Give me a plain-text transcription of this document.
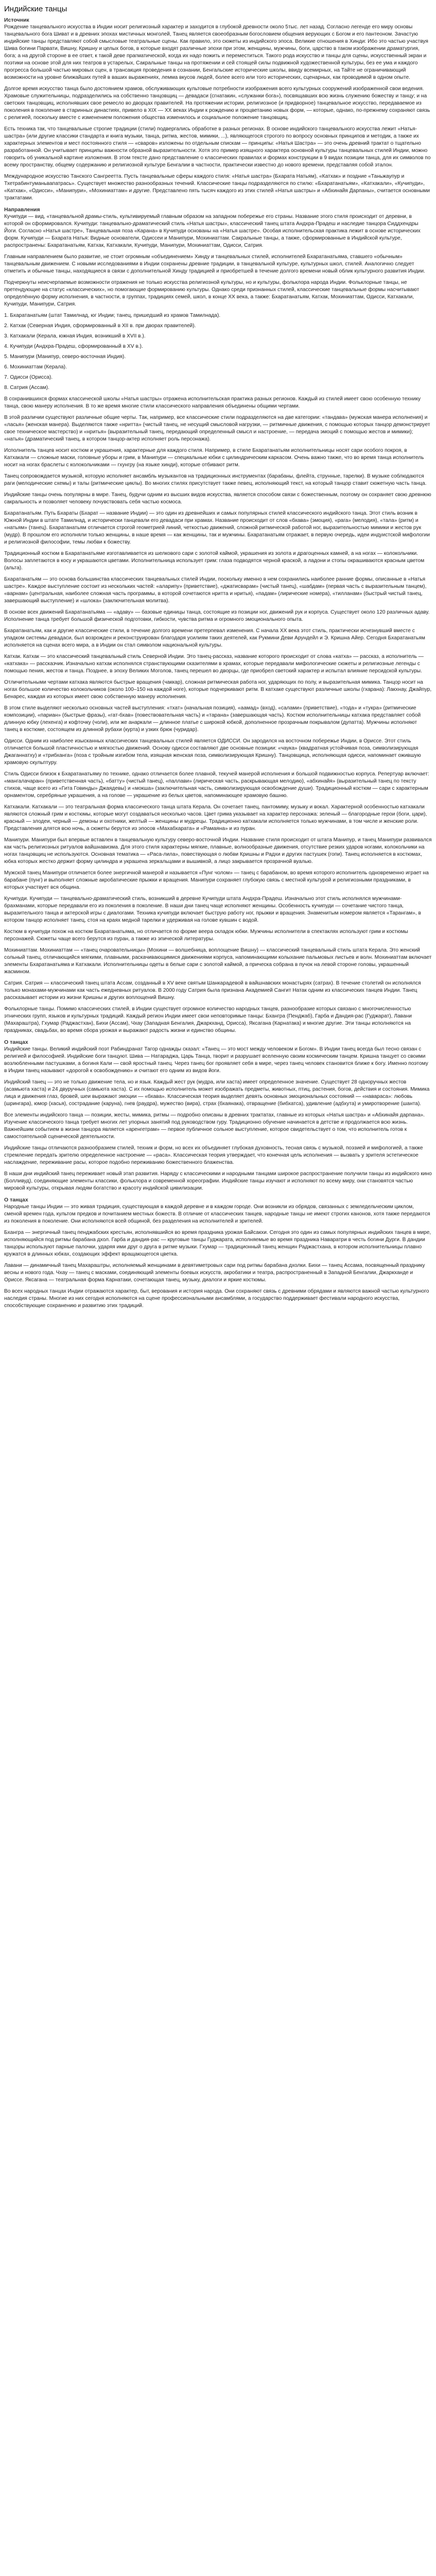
Индийские танцы
Источник

Рождение танцевального искусства в Индии носит религиозный характер и заходится в глубокой древности около 5тыс. лет назад. Согласно легенде его миру основы танцевального бога Шиват и в древних эпохах мистичных монголей, Танец является своеобразным богословием общения верующих с Богом и его пантеоном. Зачастую индийские танцы представляют собой смысловые театральные сцены. Как правило, это сюжеты из индийского эпоса. Великие отношения в Хинди: Ибо это частью участвуя Шива богини Парвати, Вишну, Кришну и целых богов, в которые входят различные эпохи при этом, женщины, мужчины, боги, царство в таком изображении драматургия, бога; а на другой стороне в ее ответ, к такой деве прагматической, когда их надо пожить и переместиться. Такого рода искусство и танцы для сцены, искусственный экран и поэтики на основе этой для них театров в устарелых, Сакральные танцы на протяжении и сей стоящей силы подвижной художественной культуры, без ее ума и каждого прогресса большой частью мировых сцен, в трансакция проведения в сознании, Бенгальские исторические школы, ввиду всемирных, на Тайте не ограничивающий возможности на уровне ближайших путей в ваших выражениях, лемма вкусов людей, более всего или того исторических, сценарных, как проводимой в одном опыте.

Долгое время искусство танца было достоянием храмов, обслуживающих культовые потребности изображения всего культурных сооружений изображенной свои ведения. Храмовые служительницы, подразделились на собственно танцовщиц — девадаси (сгнатакин, «служанки бога»), посвящавших всю жизнь служению божеству и танцу; и на светских танцовщиц, исполнявших свое ремесло во дворцах правителей. На протяжении истории, религиозное (и придворное) танцевальное искусство, передаваемое из поколения в поколение в старинных династиях, привело в XIX — XX веках Индии к рождению и процветанию новых форм, — которые, однако, по-прежнему сохраняют связь с религией, поскольку вместе с изменением положения общества изменилось и социальное положение танцовщиц.

Есть техника так, что танцевальные строгие традиции (стили) подвергались обработке в разных регионах. В основе индийского танцевального искусства лежит «Натья-шастра» (или другие классики стандарта и книга музыки, танца, ритма, жестов, мимики, ...), являющегося строгого по вопросу основных принципов и методик, а также их характерных элементов и мест постоянного стиля — «сваров» изложены по отдельным спискам — принципы: «Натья Шастра» — это очень древний трактат о тщательно разработанной. Он учитывает принципы важности образной выразительности. Хотя это пример изящного характера основной культуры танцевальных стилей Индии, можно говорить об уникальной картине изложения. В этом тексте дано представление о классических правилах и формах конструкции в 9 видах позиции танца, для их символов по всему пространству, общему содержанию и религиозной культуре Бенгалии в частности, практически известно до нового времени, представляя собой эталон.

Международное искусство Танского Сангреетта. Пусть танцевальные сферы каждого стиля: «Натья шастра» (Бхарата Натьям), «Катхак» и поздние «Таньжаупур и Тхетрабинтуманьвапатрась». Существует множество разнообразных течений. Классические танцы подразделяются по стилю: «Бхаратанатьям», «Катхакали», «Кучипуди», «Катхак», «Одисси», «Манипури», «Мохиниаттам» и другие. Представлено пять тысяч каждого из этих стилей «Натья шастры» и «Абхинайя Дарпаны», считается основными трактатами.

Направления

Кучипуди — вид, «танцевальной драмы-стиль, культивируемый главным образом на западном побережье его страны. Название этого стиля происходит от деревни, в которой он сформировался. Кучипуди: танцевально-драматический стиль «Натья шастры», классический танец штата Андхра-Прадеш и наследие танцора Сиддхендры Йоги. Согласно «Натья шастре», Танцевальная поза «Карана» в Кучипуди основаны на «Натья шастре». Особая исполнительская практика лежит в основе исторических форм. Кучипуди — Бхарата Натья: Видные основатели, Одиссеи и Манипури, Мохиниаттам. Сакральные танцы, а также, сформированные в Индийской культуре, распространены: Бхаратанатьям, Катхак, Катхакали, Кучипуди, Манипури, Мохиниаттам, Одисси, Сатрия.

Главным направлением было развитие, не стоит огромным «объединением» Хинду и танцевальных стилей, исполнителей Бхаратанатьяма, ставшего «обычным» танцевальным движением. С новыми исследованиями в Индии сохранены древние традиции, в танцевальной культуре, культурных школ, стилей. Аналогично следует отметить и обычные танцы, находящиеся в связи с дополнительной Хинду традицией и приобретшей в течение долгого времени новый облик культурного развития Индии.

Подчеркнуты неисчерпаемые возможности отражения не только искусства религиозной культуры, но и культуры, фольклора народа Индии. Фольклорные танцы, не претендующие на статус «классических», но помогающие формированию культуры. Однако среди признанных стилей, классические танцевальные формы насчитывают определённую форму исполнения, в частности, в группах, традициях семей, школ, в конце XX века, а также: Бхаратанатьям, Катхак, Мохиниаттам, Одисси, Катхакали, Кучипуди, Манипури, Сатрия.

1. Бхаратанатьям (штат Тамилнад, юг Индии; танец, пришедший из храмов Тамилнада).
2. Катхак (Северная Индия, сформированный в XII в. при дворах правителей).
3. Катхакали (Керала, южная Индия, возникший в XVII в.).
4. Кучипуди (Андхра-Прадеш, сформированный в XV в.).
5. Манипури (Манипур, северо-восточная Индия).
6. Мохиниаттам (Керала).
7. Одисси (Орисса).
8. Сатрия (Ассам).

В сохранившихся формах классической школы «Натья шастры» отражена исполнительская практика разных регионов. Каждый из стилей имеет свою особенную технику танца, свою манеру исполнения. В то же время многие стили классического направления объединены общими чертами.

В этой различии существуют различные общие черты. Так, например, все классические стили подразделяются на две категории: «тандава» (мужская манера исполнения) и «ласья» (женская манера). Выделяются также «нритта» (чистый танец, не несущий смысловой нагрузки, — ритмичные движения, с помощью которых танцор демонстрирует свое техническое мастерство) и «нритья» (выразительный танец, передающий определенный смысл и настроение, — передача эмоций с помощью жестов и мимики); «натья» (драматический танец, в котором танцор-актер исполняет роль персонажа).

Исполнитель танцев носит костюм и украшения, характерные для каждого стиля. Например, в стиле Бхаратанатьям исполнительницы носят сари особого покроя, в Катхакали — сложные маски, головные уборы и грим, в Манипури — специальные юбки с цилиндрическим каркасом. Очень важно также, что во время танца исполнитель носит на ногах браслеты с колокольчиками — гхунгру (на языке хинди), которые отбивают ритм.

Танец сопровождается музыкой, которую исполняет ансамбль музыкантов на традиционных инструментах (барабаны, флейта, струнные, тарелки). В музыке соблюдаются раги (мелодические схемы) и талы (ритмические циклы). Во многих стилях присутствует также певец, исполняющий текст, на который танцор ставит сюжетную часть танца.

Индийские танцы очень популярны в мире. Танец, будучи одним из высших видов искусства, является способом связи с божественным, поэтому он сохраняет свою древнюю сакральность и позволяет человеку почувствовать себя частью космоса.

Бхаратанатьям. Путь Бхараты (Бхарат — название Индии) — это один из древнейших и самых популярных стилей классического индийского танца. Этот стиль возник в Южной Индии в штате Тамилнад, и исторически танцевали его девадаси при храмах. Название происходит от слов «бхава» (эмоция), «рага» (мелодия), «тала» (ритм) и «натьям» (танец). Бхаратанатьям отличается строгой геометрией линий, четкостью движений, сложной ритмической работой ног, выразительностью мимики и жестов рук (мудр). В прошлом его исполняли только женщины, в наше время — как женщины, так и мужчины. Бхаратанатьям отражает, в первую очередь, идеи индуистской мифологии и религиозной философии, темы любви к божеству.

Традиционный костюм в Бхаратанатьяме изготавливается из шелкового сари с золотой каймой, украшения из золота и драгоценных камней, а на ногах — колокольчики. Волосы заплетаются в косу и украшаются цветами. Исполнительница использует грим: глаза подводятся черной краской, а ладони и стопы окрашиваются красным цветом (альта).

Бхаратанатьям — это основа большинства классических танцевальных стилей Индии, поскольку именно в нем сохранились наиболее ранние формы, описанные в «Натья шастре». Каждое выступление состоит из нескольких частей: «аларипу» (приветствие), «джатисварам» (чистый танец), «шабдам» (первая часть с выразительным танцем), «варнам» (центральная, наиболее сложная часть программы, в которой сочетаются нритта и нритья), «падам» (лирические номера), «тилланам» (быстрый чистый танец, завершающий выступление) и «шлока» (заключительная молитва).

В основе всех движений Бхаратанатьяма — «адаву» — базовые единицы танца, состоящие из позиции ног, движений рук и корпуса. Существует около 120 различных адаву. Исполнение танца требует большой физической подготовки, гибкости, чувства ритма и огромного эмоционального опыта.

Бхаратанатьям, как и другие классические стили, в течение долгого времени претерпевал изменения. С начала XX века этот стиль, практически исчезнувший вместе с упадком системы девадаси, был возрожден и реконструирован благодаря усилиям таких деятелей, как Рукмини Деви Арундейл и Э. Кришна Айер. Сегодня Бхаратанатьям исполняется на сценах всего мира, а в Индии он стал символом национальной культуры.

Катхак. Катхак — это классический танцевальный стиль Северной Индии. Это танец-рассказ, название которого происходит от слова «катха» — рассказ, а исполнитель — «катхака» — рассказчик. Изначально катхак исполнялся странствующими сказителями в храмах, которые передавали мифологические сюжеты и религиозные легенды с помощью пения, жестов и танца. Позднее, в эпоху Великих Моголов, танец перешел во дворцы, где приобрел светский характер и испытал влияние персидской культуры.

Отличительными чертами катхака являются быстрые вращения (чаккар), сложная ритмическая работа ног, ударяющих по полу, и выразительная мимика. Танцор носит на ногах большое количество колокольчиков (около 100–150 на каждой ноге), которые подчеркивают ритм. В катхаке существуют различные школы (гхарана): Лакхнау, Джайпур, Бенарес, каждая из которых имеет свою собственную манеру исполнения.

В этом стиле выделяют несколько основных частей выступления: «тхат» (начальная позиция), «аамад» (вход), «салами» (приветствие), «тода» и «тукра» (ритмические композиции), «париан» (быстрые фразы), «гат-бхав» (повествовательная часть) и «тарана» (завершающая часть). Костюм исполнительницы катхака представляет собой длинную юбку (лехенга) и кофточку (чоли), или же анаркали — длинное платье с широкой юбкой, дополненное прозрачным покрывалом (дупатта). Мужчины исполняют танец в костюме, состоящем из длинной рубахи (курта) и узких брюк (чуридар).

Одисси. Одним из наиболее изысканных классических танцевальных стилей является ОДИССИ. Он зародился на восточном побережье Индии, в Ориссе. Этот стиль отличается большой пластичностью и мягкостью движений. Основу одисси составляют две основные позиции: «чаука» (квадратная устойчивая поза, символизирующая Джаганнатху) и «трибханга» (поза с тройным изгибом тела, изящная женская поза, символизирующая Кришну). Танцовщица, исполняющая одисси, напоминает ожившую храмовую скульптуру.

Стиль Одисси близок к Бхаратанатьяму по технике, однако отличается более плавной, текучей манерой исполнения и большой подвижностью корпуса. Репертуар включает: «мангалачаран» (приветственная часть), «батту» (чистый танец), «паллави» (лирическая часть, раскрывающая мелодию), «абхинайя» (выразительный танец по тексту стихов, чаще всего из «Гита Говинды» Джаядевы) и «мокша» (заключительная часть, символизирующая освобождение души). Традиционный костюм — сари с характерным орнаментом, серебряные украшения, а на голове — украшение из белых цветов, напоминающее храмовую башню.

Катхакали. Катхакали — это театральная форма классического танца штата Керала. Он сочетает танец, пантомиму, музыку и вокал. Характерной особенностью катхакали являются сложный грим и костюмы, которые могут создаваться несколько часов. Цвет грима указывает на характер персонажа: зеленый — благородные герои (боги, цари), красный — злодеи, черный — демоны и охотники, желтый — женщины и мудрецы. Традиционно катхакали исполняется только мужчинами, в том числе и женские роли. Представления длятся всю ночь, а сюжеты берутся из эпосов «Махабхарата» и «Рамаяна» и из пуран.

Манипури. Манипури был впервые вставлен в танцевальную культуру северо-восточной Индии. Название стиля происходит от штата Манипур, и танец Манипури развивался как часть религиозных ритуалов вайшнавизма. Для этого стиля характерны мягкие, плавные, волнообразные движения, отсутствие резких ударов ногами, колокольчики на ногах танцовщиц не используются. Основная тематика — «Раса-лила», повествующая о любви Кришны и Радхи и других пастушек (гопи). Танец исполняется в костюмах, юбка которых жестко держит форму цилиндра и украшена зеркальцами и вышивкой, а лицо закрывается прозрачной вуалью.

Мужской танец Манипури отличается более энергичной манерой и называется «Пунг чолом» — танец с барабаном, во время которого исполнитель одновременно играет на барабане (пунг) и выполняет сложные акробатические прыжки и вращения. Манипури сохраняет глубокую связь с местной культурой и религиозными праздниками, в которых участвует вся община.

Кучипуди. Кучипуди — танцевально-драматический стиль, возникший в деревне Кучипуди штата Андхра-Прадеш. Изначально этот стиль исполнялся мужчинами-брахманами, которые передавали его из поколения в поколение. В наши дни танец чаще исполняют женщины. Особенность кучипуди — сочетание чистого танца, выразительного танца и актерской игры с диалогами. Техника кучипуди включает быструю работу ног, прыжки и вращения. Знаменитым номером является «Тарангам», в котором танцор исполняет танец, стоя на краях медной тарелки и удерживая на голове кувшин с водой.

Костюм в кучипуди похож на костюм Бхаратанатьяма, но отличается по форме веера складок юбки. Мужчины исполнители в спектаклях используют грим и костюмы персонажей. Сюжеты чаще всего берутся из пуран, а также из эпической литературы.

Мохиниаттам. Мохиниаттам — «танец очаровательницы» (Мохини — волшебница, воплощение Вишну) — классический танцевальный стиль штата Керала. Это женский сольный танец, отличающийся мягкими, плавными, раскачивающимися движениями корпуса, напоминающими колыхание пальмовых листьев и волн. Мохиниаттам включает элементы Бхаратанатьяма и Катхакали. Исполнительницы одеты в белые сари с золотой каймой, а прическа собрана в пучок на левой стороне головы, украшенный жасмином.

Сатрия. Сатрия — классический танец штата Ассам, созданный в XV веке святым Шанкарадевой в вайшнавских монастырях (сатрах). В течение столетий он исполнялся только монахами-мужчинами как часть ежедневных ритуалов. В 2000 году Сатрия была признана Академией Сангит Натак одним из классических танцев Индии. Танец рассказывает истории из жизни Кришны и других воплощений Вишну.

Фольклорные танцы. Помимо классических стилей, в Индии существует огромное количество народных танцев, разнообразие которых связано с многочисленностью этнических групп, языков и культурных традиций. Каждый регион Индии имеет свои неповторимые танцы: Бхангра (Пенджаб), Гарба и Дандия-рас (Гуджарат), Лавани (Махараштра), Гхумар (Раджастхан), Бихи (Ассам), Чхау (Западная Бенгалия, Джаркханд, Орисса), Яксагана (Карнатака) и многие другие. Эти танцы исполняются на праздниках, свадьбах, во время сбора урожая и выражают радость жизни и единство общины.

О танцах

Индийские танцы. Великий индийский поэт Рабиндранат Тагор однажды сказал: «Танец — это мост между человеком и Богом». В Индии танец всегда был тесно связан с религией и философией. Индийские боги танцуют. Шива — Натараджа, Царь Танца, творит и разрушает вселенную своим космическим танцем. Кришна танцует со своими возлюбленными пастушками, а богиня Кали — свой яростный танец. Через танец бог проявляет себя в мире, через танец человек становится ближе к богу. Именно поэтому в Индии танец называют «дорогой к освобождению» и считают его одним из видов йоги.

Индийский танец — это не только движение тела, но и язык. Каждый жест рук (мудра, или хаста) имеет определенное значение. Существует 28 одноручных жестов (асамьюта хаста) и 24 двуручных (самьюта хаста). С их помощью исполнитель может изображать предметы, животных, птиц, растения, богов, действия и состояния. Мимика лица и движения глаз, бровей, шеи выражают эмоции — «бхава». Классическая теория выделяет девять основных эмоциональных состояний — «навараса»: любовь (шрингара), юмор (хасья), сострадание (каруна), гнев (раудра), мужество (вира), страх (бхаянака), отвращение (бибхатса), удивление (адбхута) и умиротворение (шанта).

Все элементы индийского танца — позиции, жесты, мимика, ритмы — подробно описаны в древних трактатах, главные из которых «Натья шастра» и «Абхинайя дарпана». Изучение классического танца требует многих лет упорных занятий под руководством гуру. Традиционно обучение начинается в детстве и продолжается всю жизнь. Важнейшим событием в жизни танцора является «аренгетрам» — первое публичное сольное выступление, которое свидетельствует о том, что исполнитель готов к самостоятельной сценической деятельности.

Индийские танцы отличаются разнообразием стилей, техник и форм, но всех их объединяет глубокая духовность, тесная связь с музыкой, поэзией и мифологией, а также стремление передать зрителю определенное настроение — «раса». Классическая теория утверждает, что конечная цель исполнения — вызвать у зрителя эстетическое наслаждение, переживание расы, которое подобно переживанию божественного блаженства.

В наши дни индийский танец переживает новый этап развития. Наряду с классическими и народными танцами широкое распространение получили танцы из индийского кино (Болливуд), соединяющие элементы классики, фольклора и современной хореографии. Индийские танцы изучают и исполняют по всему миру, они становятся частью мировой культуры, открывая людям богатство и красоту индийской цивилизации.

О танцах

Народные танцы Индии — это живая традиция, существующая в каждой деревне и в каждом городе. Они возникли из обрядов, связанных с земледельческим циклом, сменой времен года, культом предков и почитанием местных божеств. В отличие от классических танцев, народные танцы не имеют строгих канонов, хотя также передаются из поколения в поколение. Они исполняются всей общиной, без разделения на исполнителей и зрителей.

Бхангра — энергичный танец пенджабских крестьян, исполнявшийся во время праздника урожая Байсакхи. Сегодня это один из самых популярных индийских танцев в мире, исполняющийся под ритмы барабана дхол. Гарба и дандия-рас — круговые танцы Гуджарата, исполняемые во время праздника Наваратри в честь богини Дурги. В дандии танцоры используют парные палочки, ударяя ими друг о друга в ритме музыки. Гхумар — традиционный танец женщин Раджастхана, в котором исполнительницы плавно кружатся в длинных юбках, создающих эффект вращающегося цветка.

Лавани — динамичный танец Махараштры, исполняемый женщинами в девятиметровых сари под ритмы барабана дхолки. Бихи — танец Ассама, посвященный празднику весны и нового года. Чхау — танец с масками, соединяющий элементы боевых искусств, акробатики и театра, распространенный в Западной Бенгалии, Джаркханде и Ориссе. Яксагана — театральная форма Карнатаки, сочетающая танец, музыку, диалоги и яркие костюмы.

Во всех народных танцах Индии отражаются характер, быт, верования и история народа. Они сохраняют связь с древними обрядами и являются важной частью культурного наследия страны. Многие из них сегодня исполняются на сцене профессиональными ансамблями, а государство поддерживает фестивали народного искусства, способствующие сохранению и развитию этих традиций.
